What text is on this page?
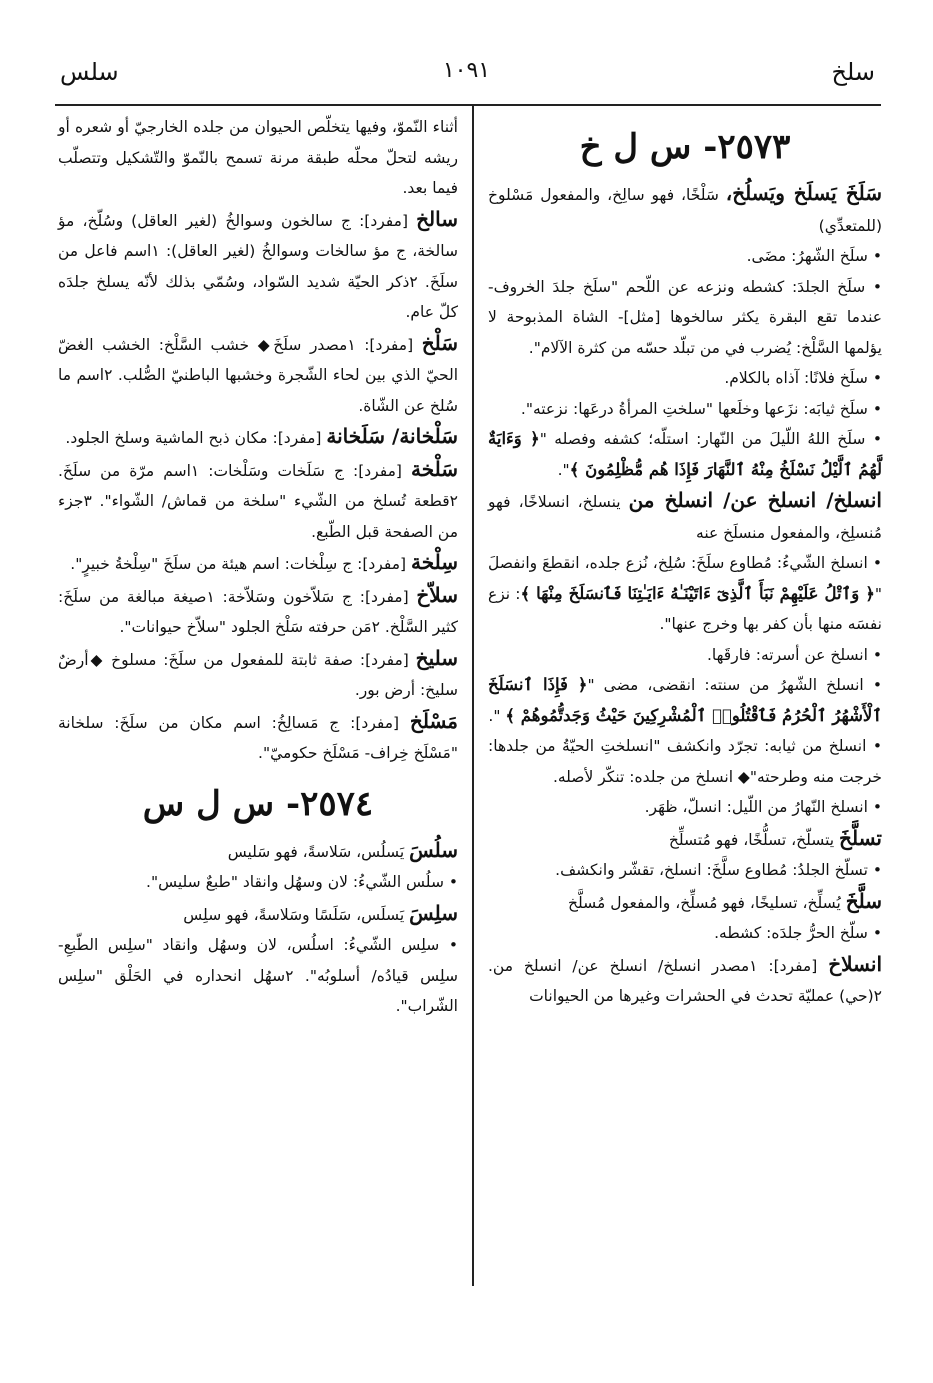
سلخ
١٠٩١
سلس
٢٥٧٣- س ل خ

سَلَخَ يَسلَخ ويَسلُخ، سَلْخًا، فهو سالِخ، والمفعول مَسْلوخ (للمتعدِّي)

• سلَخ الشّهرُ: مضَى.

• سلَخ الجلدَ: كشطه ونزعه عن اللّحم "سلَخ جلدَ الخروف- عندما تقع البقرة يكثر سالخوها [مثل]- الشاة المذبوحة لا يؤلمها السَّلْخ: يُضرب في من تبلّد حسّه من كثرة الآلام".

• سلَخ فلانًا: آذاه بالكلام.

• سلَخ ثيابَه: نزَعها وخلَعها "سلختِ المرأةُ درعَها: نزعته".

• سلَخ اللهُ اللّيلَ من النّهار: استلّه؛ كشفه وفصله "﴿ وَءَايَةٌ لَّهُمُ ٱلَّيْلُ نَسْلَخُ مِنْهُ ٱلنَّهَارَ فَإِذَا هُم مُّظْلِمُونَ ﴾".

انسلخ/ انسلخ عن/ انسلخ من ينسلخ، انسلاخًا، فهو مُنسلِخ، والمفعول منسلَخ عنه

• انسلخ الشّيءُ: مُطاوع سلَخَ: سُلِخ، نُزع جلده، انقطعَ وانفصلَ "﴿ وَٱتْلُ عَلَيْهِمْ نَبَأَ ٱلَّذِىٓ ءَاتَيْنَـٰهُ ءَايَـٰتِنَا فَٱنسَلَخَ مِنْهَا ﴾: نزع نفسَه منها بأن كفر بها وخرج عنها".

• انسلخ عن أسرته: فارقَها.

• انسلخ الشّهرُ من سنته: انقضى، مضى "﴿ فَإِذَا ٱنسَلَخَ ٱلْأَشْهُرُ ٱلْحُرُمُ فَٱقْتُلُوا۟ ٱلْمُشْرِكِينَ حَيْثُ وَجَدتُّمُوهُمْ ﴾ ".

• انسلخ من ثيابه: تجرّد وانكشف "انسلختِ الحيّةُ من جلدها: خرجت منه وطرحته"◆ انسلخ من جلده: تنكّر لأصله.

• انسلخ النّهارُ من اللّيل: انسلّ، ظهَر.

تسلَّخَ يتسلّخ، تسلُّخًا، فهو مُتسلِّخ

• تسلّخ الجلدُ: مُطاوع سلَّخَ: انسلخ، تقشّر وانكشف.

سلَّخَ يُسلِّخ، تسليخًا، فهو مُسلِّخ، والمفعول مُسلَّخ

• سلّخ الحرُّ جلدَه: كشطه.

انسلاخ [مفرد]: ١مصدر انسلخ/ انسلخ عن/ انسلخ من. ٢(حي) عمليّة تحدث في الحشرات وغيرها من الحيوانات

أثناء النّموّ، وفيها يتخلّص الحيوان من جلده الخارجيّ أو شعره أو ريشه لتحلّ محلّه طبقة مرنة تسمح بالنّموّ والتّشكيل وتتصلّب فيما بعد.

سالخ [مفرد]: ج سالخون وسوالخُ (لغير العاقل) وسُلّخ، مؤ سالخة، ج مؤ سالخات وسوالخُ (لغير العاقل): ١اسم فاعل من سلَخَ. ٢ذكر الحيّة شديد السّواد، وسُمّي بذلك لأنّه يسلخ جلدَه كلّ عام.

سَلْخ [مفرد]: ١مصدر سلَخَ◆ خشب السَّلْخ: الخشب الغضّ الحيّ الذي بين لحاء الشّجرة وخشبها الباطنيّ الصُّلب. ٢اسم ما سُلخ عن الشّاة.

سَلْخانة/ سَلَخانة [مفرد]: مكان ذبح الماشية وسلخ الجلود.

سَلْخة [مفرد]: ج سَلَخات وسَلْخات: ١اسم مرّة من سلَخَ. ٢قطعة تُسلخ من الشّيء "سلخة من قماش/ الشّواء". ٣جزء من الصفحة قبل الطّبع.

سِلْخة [مفرد]: ج سِلْخات: اسم هيئة من سلَخَ "سِلْخةُ خبيرٍ".

سلاّخ [مفرد]: ج سَلاّخون وسَلاّخة: ١صيغة مبالغة من سلَخَ: كثير السَّلْخ. ٢مَن حرفته سَلْخ الجلود "سلاّخ حيوانات".

سليخ [مفرد]: صفة ثابتة للمفعول من سلَخَ: مسلوخ ◆أرضٌ سليخ: أرض بور.

مَسْلَخ [مفرد]: ج مَسالِخُ: اسم مكان من سلَخَ: سلخانة "مَسْلَخ خِراف- مَسْلَخ حكوميّ".

٢٥٧٤- س ل س

سلُسَ يَسلُس، سَلاسةً، فهو سَليس

• سلُس الشّيءُ: لان وسهُل وانقاد "طبعٌ سليس".

سلِسَ يَسلَس، سَلَسًا وسَلاسةً، فهو سلِس

• سلِس الشّيءُ: اسلُس، لان وسهُل وانقاد "سلِس الطّبعِ- سلِس قيادُه/ أسلوبُه". ٢سهُل انحداره في الحَلْق "سلِس الشّراب".
